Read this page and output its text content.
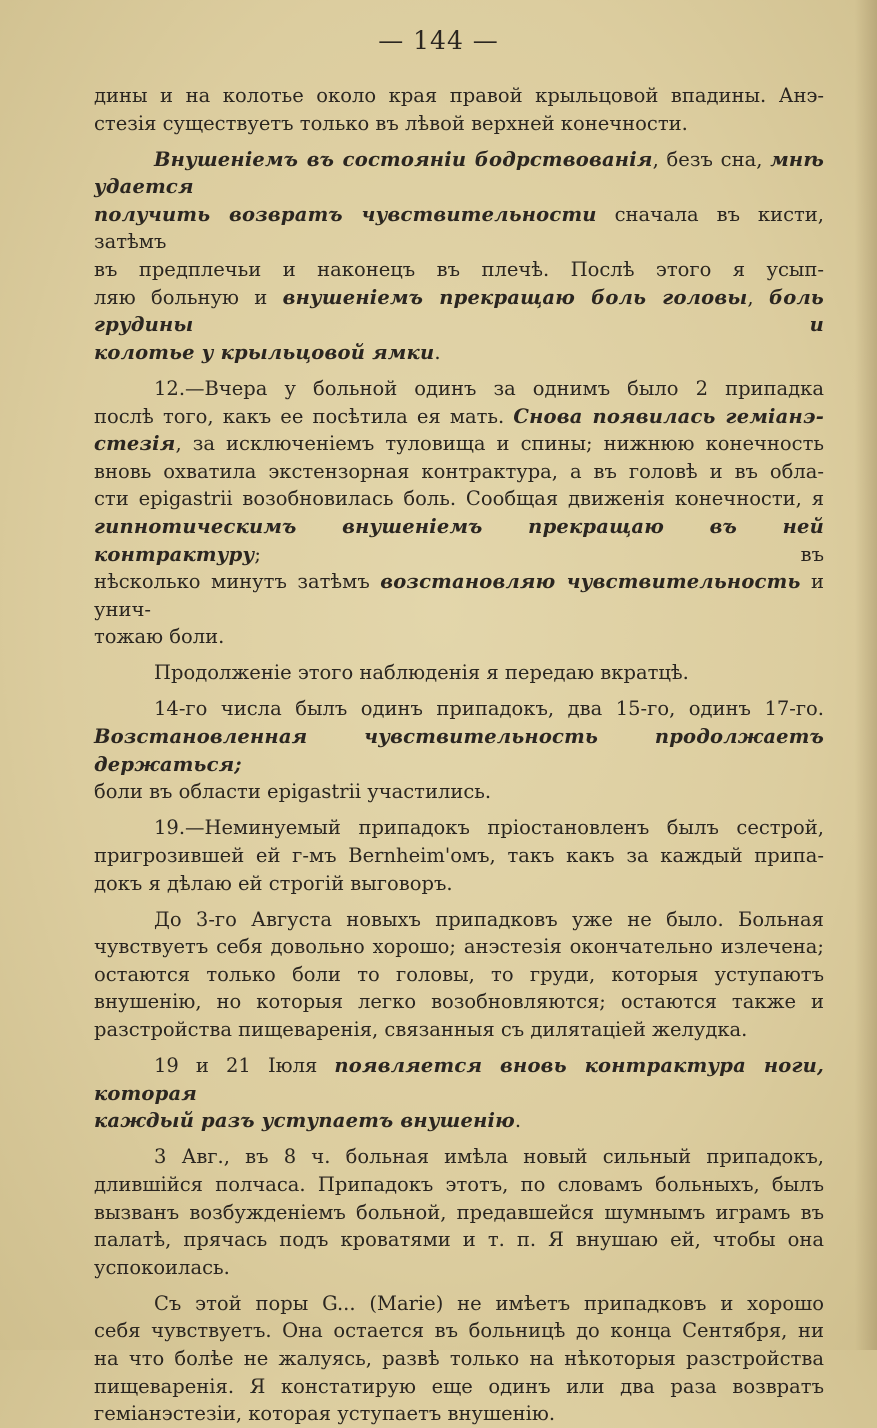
— 144 —

дины и на колотье около края правой крыльцовой впадины. Анэ-

стезія существуетъ только въ лѣвой верхней конечности.

Внушеніемъ въ состояніи бодрствованія, безъ сна, мнѣ удается

получить возвратъ чувствительности сначала въ кисти, затѣмъ

въ предплечьи и наконецъ въ плечѣ. Послѣ этого я усып-

ляю больную и внушеніемъ прекращаю боль головы, боль грудины и

колотье у крыльцовой ямки.

12.—Вчера у больной одинъ за однимъ было 2 припадка

послѣ того, какъ ее посѣтила ея мать. Снова появилась геміанэ-

стезія, за исключеніемъ туловища и спины; нижнюю конечность

вновь охватила экстензорная контрактура, а въ головѣ и въ обла-

сти epigastrii возобновилась боль. Сообщая движенія конечности, я

гипнотическимъ внушеніемъ прекращаю въ ней контрактуру; въ

нѣсколько минутъ затѣмъ возстановляю чувствительность и унич-

тожаю боли.

Продолженіе этого наблюденія я передаю вкратцѣ.

14-го числа былъ одинъ припадокъ, два 15-го, одинъ 17-го.

Возстановленная чувствительность продолжаетъ держаться;

боли въ области epigastrii участились.

19.—Неминуемый припадокъ пріостановленъ былъ сестрой,

пригрозившей ей г-мъ Bernheim'омъ, такъ какъ за каждый припа-

докъ я дѣлаю ей строгій выговоръ.

До 3-го Августа новыхъ припадковъ уже не было. Больная

чувствуетъ себя довольно хорошо; анэстезія окончательно излечена;

остаются только боли то головы, то груди, которыя уступаютъ

внушенію, но которыя легко возобновляются; остаются также и

разстройства пищеваренія, связанныя съ дилятаціей желудка.

19 и 21 Іюля появляется вновь контрактура ноги, которая

каждый разъ уступаетъ внушенію.

3 Авг., въ 8 ч. больная имѣла новый сильный припадокъ,

длившійся полчаса. Припадокъ этотъ, по словамъ больныхъ, былъ

вызванъ возбужденіемъ больной, предавшейся шумнымъ играмъ въ

палатѣ, прячась подъ кроватями и т. п. Я внушаю ей, чтобы она

успокоилась.

Съ этой поры G... (Marie) не имѣетъ припадковъ и хорошо

себя чувствуетъ. Она остается въ больницѣ до конца Сентября, ни

на что болѣе не жалуясь, развѣ только на нѣкоторыя разстройства

пищеваренія. Я констатирую еще одинъ или два раза возвратъ

геміанэстезіи, которая уступаетъ внушенію.
